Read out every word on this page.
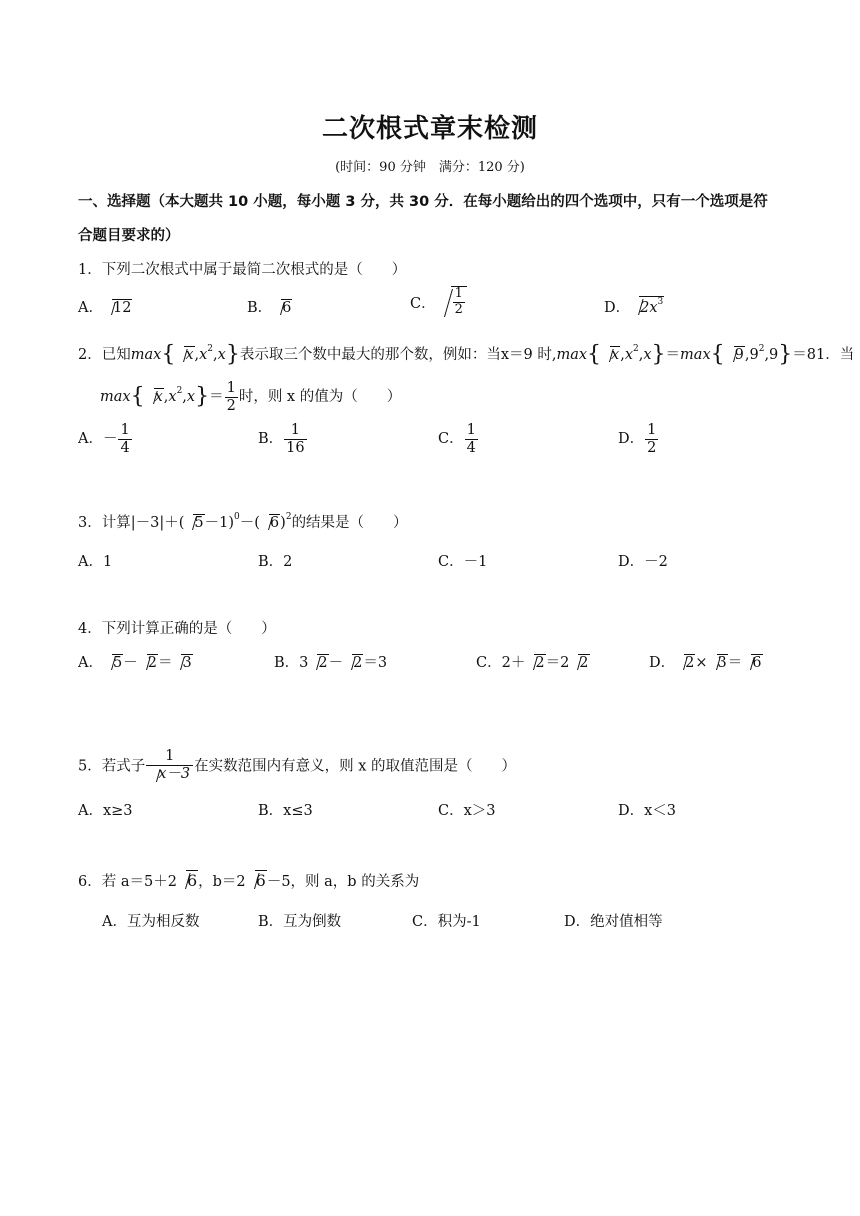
二次根式章末检测
(时间：90 分钟　满分：120 分)
一、选择题（本大题共 10 小题，每小题 3 分，共 30 分．在每小题给出的四个选项中，只有一个选项是符
合题目要求的）
1．下列二次根式中属于最简二次根式的是（　　）
A． 12	B． 6	C． $\frac{1}{2}$	D． $2x^3$
2．已知max{ $x,x^2,x$}表示取三个数中最大的那个数，例如：当x＝9 时,max{ $x,x^2,x\}=\max${ $9,9^2,9\}=81$．当
max{ $x,x^2,x\}= \frac{1}{2}$ 时，则 x 的值为（　　）
A．－ $\frac{1}{4}$	B． $\frac{1}{16}$	C． $\frac{1}{4}$	D． $\frac{1}{2}$
3．计算|－3|＋( 5－1)$^0$－( 6)$^2$的结果是（　　）
A．1	B．2	C．－1	D．－2
4．下列计算正确的是（　　）
A． 5－ 2＝ 3	B．3 2－ 2＝3	C．2＋ 2＝2 2	D． 2× 3＝ 6
5．若式子 $\frac{1}{x-3}$ 在实数范围内有意义，则 x 的取值范围是（　　）
A．x≥3	B．x≤3	C．x＞3	D．x＜3
6．若 a＝5＋2 6，b＝2 6－5，则 a，b 的关系为
A．互为相反数	B．互为倒数	C．积为-1	D．绝对值相等
